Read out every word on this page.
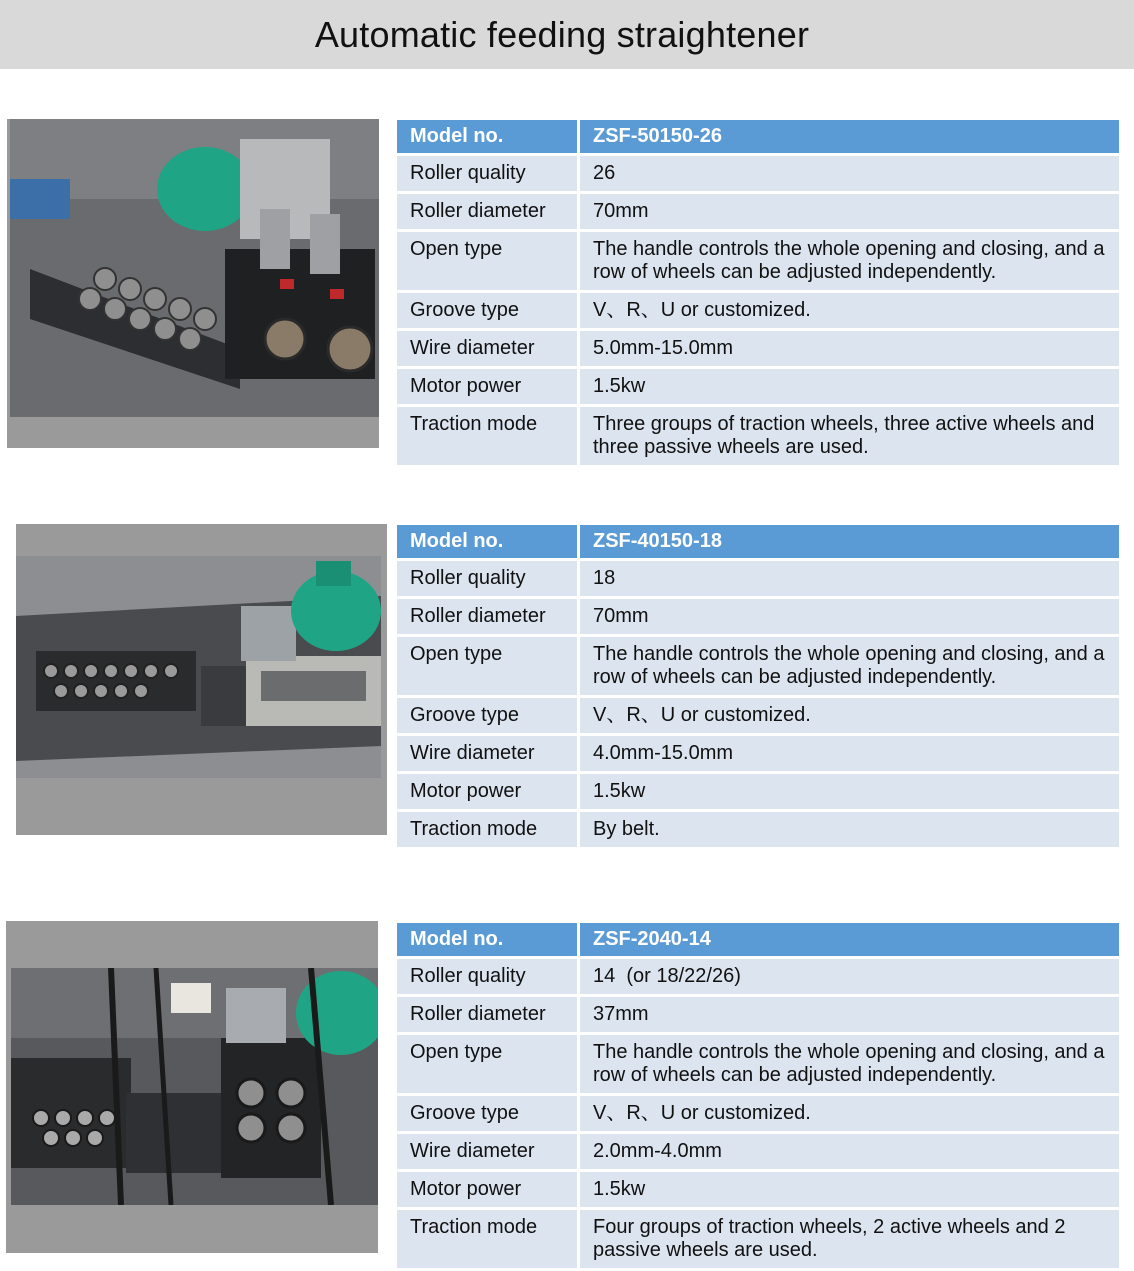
Automatic feeding straightener
Model no.	ZSF-50150-26
Roller quality	26
Roller diameter	70mm
Open type	The handle controls the whole opening and closing, and a row of wheels can be adjusted independently.
Groove type	V、R、U or customized.
Wire diameter	5.0mm-15.0mm
Motor power	1.5kw
Traction mode	Three groups of traction wheels, three active wheels and three passive wheels are used.
Model no.	ZSF-40150-18
Roller quality	18
Roller diameter	70mm
Open type	The handle controls the whole opening and closing, and a row of wheels can be adjusted independently.
Groove type	V、R、U or customized.
Wire diameter	4.0mm-15.0mm
Motor power	1.5kw
Traction mode	By belt.
Model no.	ZSF-2040-14
Roller quality	14  (or 18/22/26)
Roller diameter	37mm
Open type	The handle controls the whole opening and closing, and a row of wheels can be adjusted independently.
Groove type	V、R、U or customized.
Wire diameter	2.0mm-4.0mm
Motor power	1.5kw
Traction mode	Four groups of traction wheels, 2 active wheels and 2 passive wheels are used.
